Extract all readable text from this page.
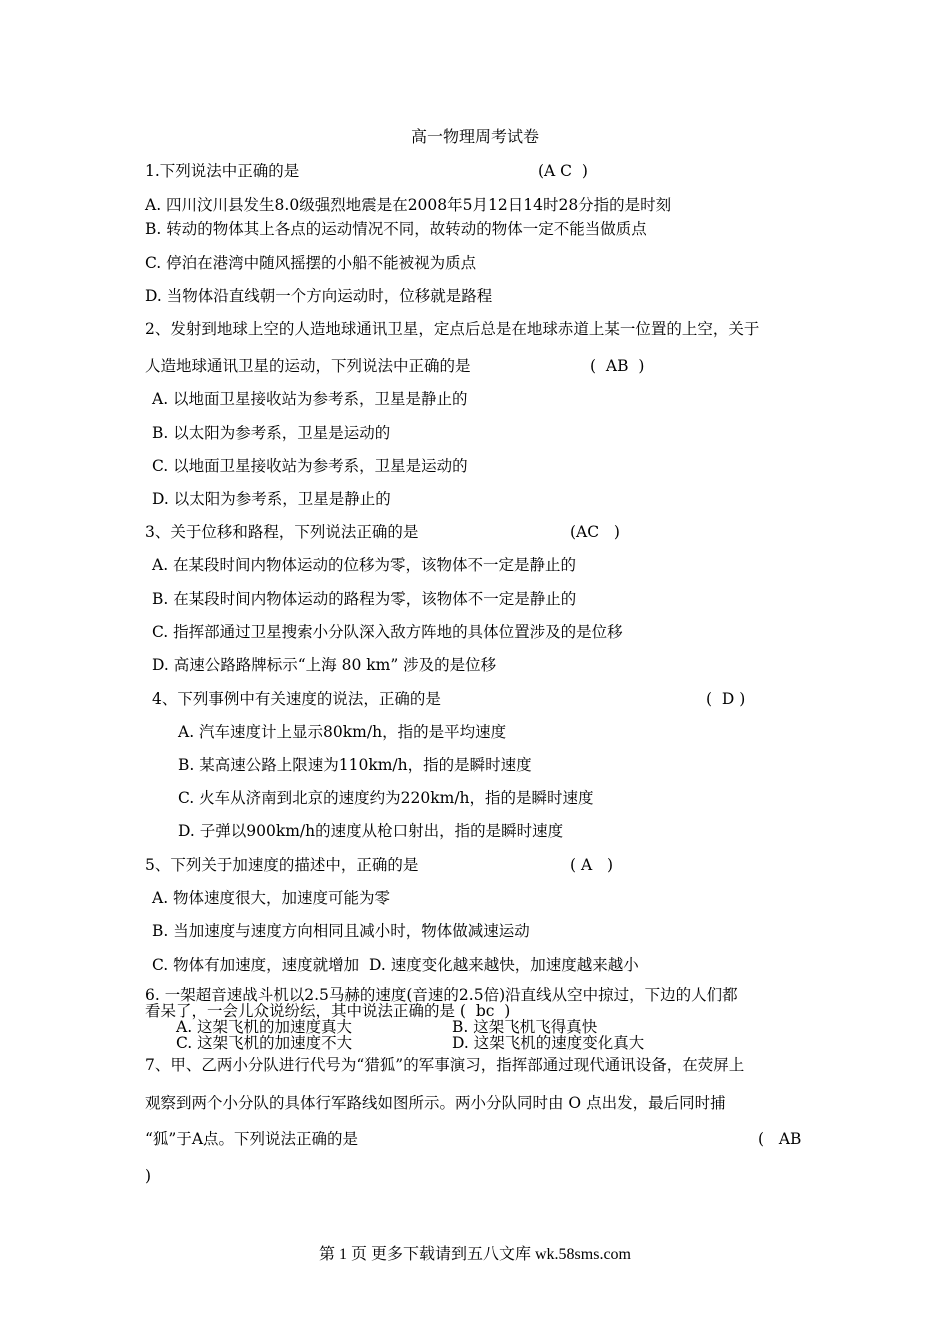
高一物理周考试卷
1.下列说法中正确的是	(A C  )
A. 四川汶川县发生8.0级强烈地震是在2008年5月12日14时28分指的是时刻
B. 转动的物体其上各点的运动情况不同，故转动的物体一定不能当做质点
C. 停泊在港湾中随风摇摆的小船不能被视为质点
D. 当物体沿直线朝一个方向运动时，位移就是路程
2、发射到地球上空的人造地球通讯卫星，定点后总是在地球赤道上某一位置的上空，关于
人造地球通讯卫星的运动，下列说法中正确的是	(  AB  )
A. 以地面卫星接收站为参考系，卫星是静止的
B. 以太阳为参考系，卫星是运动的
C. 以地面卫星接收站为参考系，卫星是运动的
D. 以太阳为参考系，卫星是静止的
3、关于位移和路程，下列说法正确的是	(AC   )
A. 在某段时间内物体运动的位移为零，该物体不一定是静止的
B. 在某段时间内物体运动的路程为零，该物体不一定是静止的
C. 指挥部通过卫星搜索小分队深入敌方阵地的具体位置涉及的是位移
D. 高速公路路牌标示“上海 80 km” 涉及的是位移
4、下列事例中有关速度的说法，正确的是	(  D )
A. 汽车速度计上显示80km/h，指的是平均速度
B. 某高速公路上限速为110km/h，指的是瞬时速度
C. 火车从济南到北京的速度约为220km/h，指的是瞬时速度
D. 子弹以900km/h的速度从枪口射出，指的是瞬时速度
5、下列关于加速度的描述中，正确的是	( A   )
A. 物体速度很大，加速度可能为零
B. 当加速度与速度方向相同且减小时，物体做减速运动
C. 物体有加速度，速度就增加  D. 速度变化越来越快，加速度越来越小
6. 一架超音速战斗机以2.5马赫的速度(音速的2.5倍)沿直线从空中掠过，下边的人们都
看呆了，一会儿众说纷纭，其中说法正确的是 (  bc  )
A. 这架飞机的加速度真大	B. 这架飞机飞得真快
C. 这架飞机的加速度不大	D. 这架飞机的速度变化真大
7、甲、乙两小分队进行代号为“猎狐”的军事演习，指挥部通过现代通讯设备，在荧屏上
观察到两个小分队的具体行军路线如图所示。两小分队同时由 O 点出发，最后同时捕
“狐”于A点。下列说法正确的是	(   AB
)
第 1 页 更多下载请到五八文库 wk.58sms.com
